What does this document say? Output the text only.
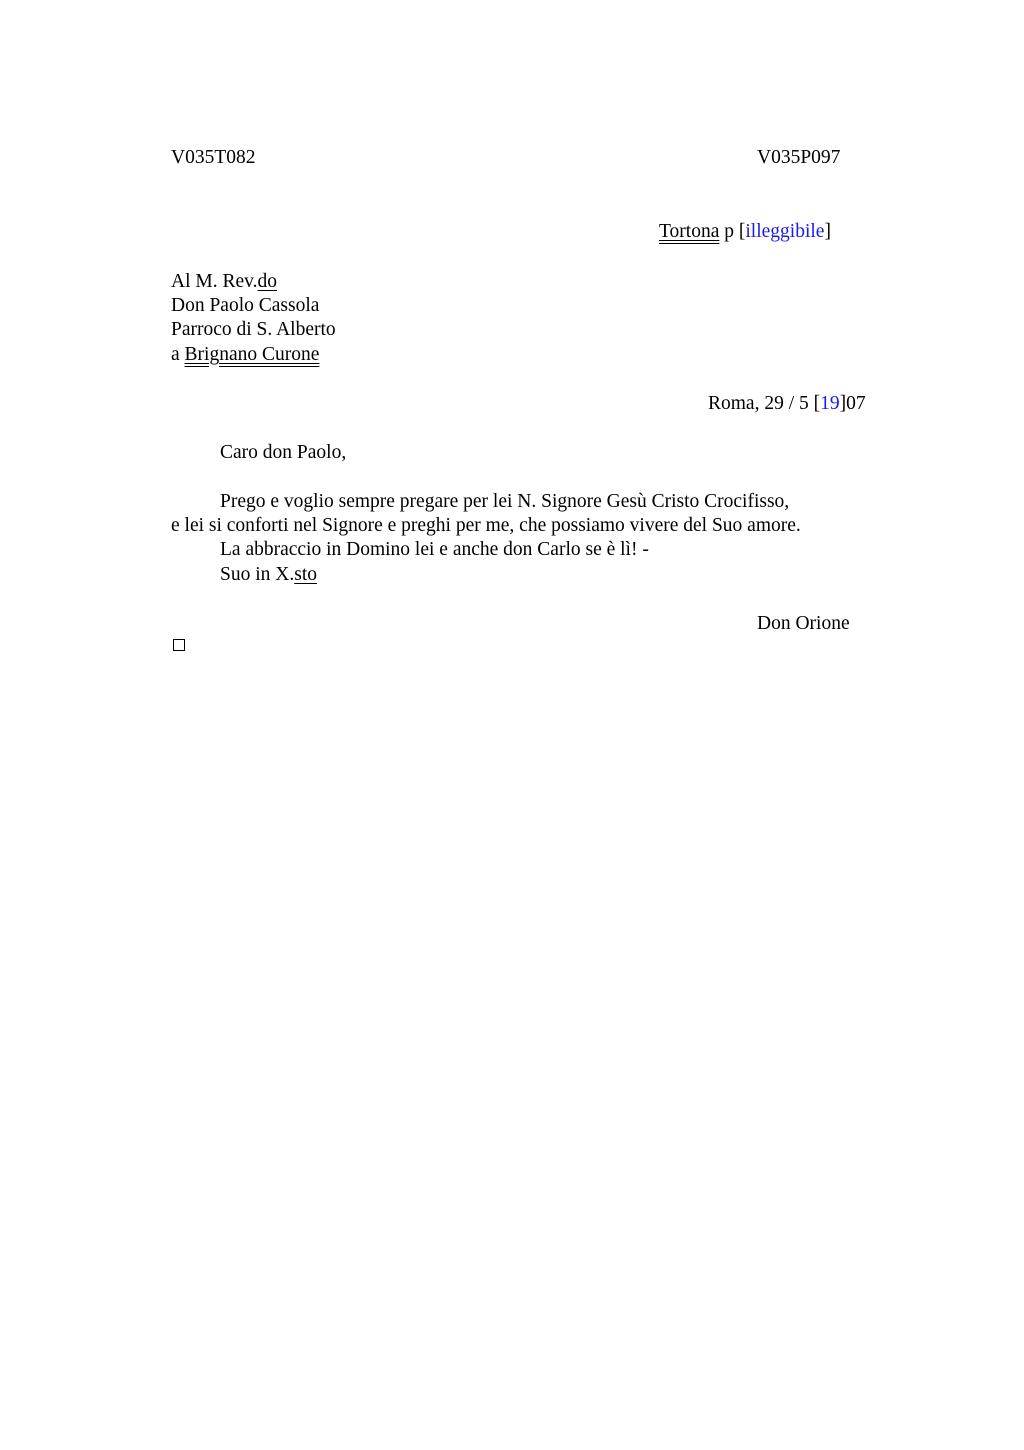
V035T082	V035P097
Tortona p [illeggibile]
Al M. Rev.do
Don Paolo Cassola
Parroco di S. Alberto
a Brignano Curone
Roma, 29 / 5 [19]07
Caro don Paolo,
Prego e voglio sempre pregare per lei N. Signore Gesù Cristo Crocifisso,
e lei si conforti nel Signore e preghi per me, che possiamo vivere del Suo amore.
La abbraccio in Domino lei e anche don Carlo se è lì! -
Suo in X.sto
Don Orione
